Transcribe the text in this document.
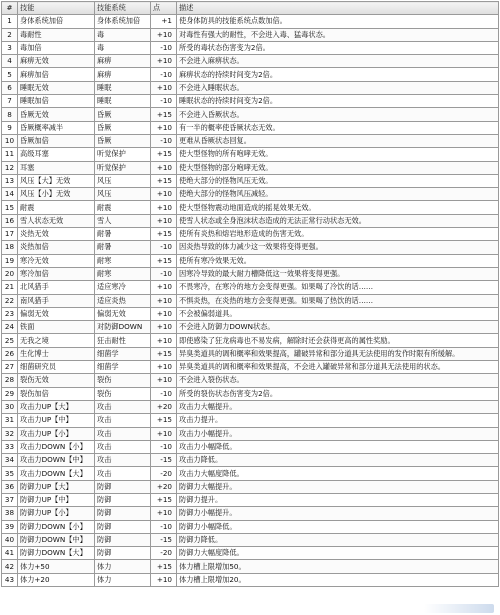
#	技能	技能系统	点	描述
1	身体系统加倍	身体系统加倍	+1	使身体防具的技能系统点数加倍。
2	毒耐性	毒	+10	对毒性有强大的耐性，不会进入毒、猛毒状态。
3	毒加倍	毒	-10	所受的毒状态伤害变为2倍。
4	麻痹无效	麻痹	+10	不会进入麻痹状态。
5	麻痹加倍	麻痹	-10	麻痹状态的持续时间变为2倍。
6	睡眠无效	睡眠	+10	不会进入睡眠状态。
7	睡眠加倍	睡眠	-10	睡眠状态的持续时间变为2倍。
8	昏厥无效	昏厥	+15	不会进入昏厥状态。
9	昏厥概率减半	昏厥	+10	有一半的概率使昏厥状态无效。
10	昏厥加倍	昏厥	-10	更难从昏厥状态回复。
11	高级耳塞	听觉保护	+15	使大型怪物的所有咆哮无效。
12	耳塞	听觉保护	+10	使大型怪物的部分咆哮无效。
13	风压【大】无效	风压	+15	使绝大部分的怪物风压无效。
14	风压【小】无效	风压	+10	使绝大部分的怪物风压减轻。
15	耐震	耐震	+10	使大型怪物震动地面造成的摇晃效果无效。
16	雪人状态无效	雪人	+10	使雪人状态或全身泡沫状态造成的无法正常行动状态无效。
17	炎热无效	耐暑	+15	使所有炎热和熔岩地形造成的伤害无效。
18	炎热加倍	耐暑	-10	因炎热导致的体力减少这一效果将变得更强。
19	寒冷无效	耐寒	+15	使所有寒冷效果无效。
20	寒冷加倍	耐寒	-10	因寒冷导致的最大耐力槽降低这一效果将变得更强。
21	北风猎手	适应寒冷	+10	不畏寒冷，在寒冷的地方会变得更强。如果喝了冷饮的话……
22	南风猎手	适应炎热	+10	不惧炎热，在炎热的地方会变得更强。如果喝了热饮的话……
23	偏弱无效	偏弱无效	+10	不会被偏弱道具。
24	铁面	对防御DOWN	+10	不会进入防御力DOWN状态。
25	无我之境	狂击耐性	+10	即使感染了狂龙病毒也不易发病，解除时还会获得更高的属性奖励。
26	生化博士	细菌学	+15	异臭类道具的调和概率和效果提高，罐破异常和部分道具无法使用的发作时限有所缓解。
27	细菌研究员	细菌学	+10	异臭类道具的调和概率和效果提高，不会进入罐破异常和部分道具无法使用的状态。
28	裂伤无效	裂伤	+10	不会进入裂伤状态。
29	裂伤加倍	裂伤	-10	所受的裂伤状态伤害变为2倍。
30	攻击力UP【大】	攻击	+20	攻击力大幅提升。
31	攻击力UP【中】	攻击	+15	攻击力提升。
32	攻击力UP【小】	攻击	+10	攻击力小幅提升。
33	攻击力DOWN【小】	攻击	-10	攻击力小幅降低。
34	攻击力DOWN【中】	攻击	-15	攻击力降低。
35	攻击力DOWN【大】	攻击	-20	攻击力大幅度降低。
36	防御力UP【大】	防御	+20	防御力大幅提升。
37	防御力UP【中】	防御	+15	防御力提升。
38	防御力UP【小】	防御	+10	防御力小幅提升。
39	防御力DOWN【小】	防御	-10	防御力小幅降低。
40	防御力DOWN【中】	防御	-15	防御力降低。
41	防御力DOWN【大】	防御	-20	防御力大幅度降低。
42	体力+50	体力	+15	体力槽上限增加50。
43	体力+20	体力	+10	体力槽上限增加20。
